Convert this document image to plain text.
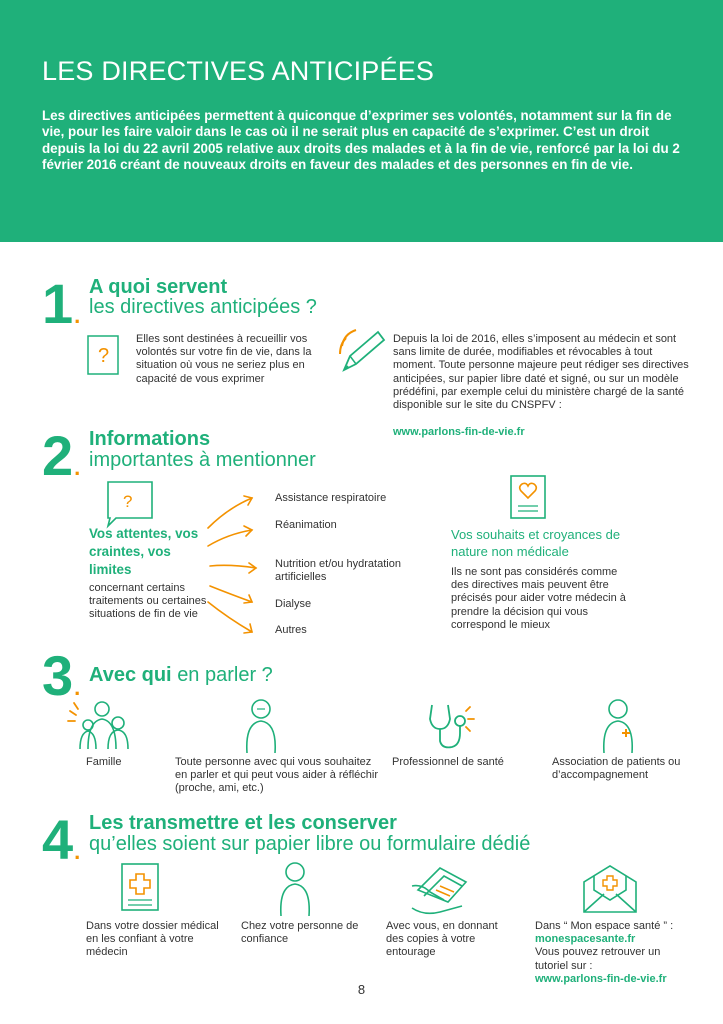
LES DIRECTIVES ANTICIPÉES

Les directives anticipées permettent à quiconque d’exprimer ses volontés, notamment sur la fin de vie, pour les faire valoir dans le cas où il ne serait plus en capacité de s’exprimer. C’est un droit depuis la loi du 22 avril 2005 relative aux droits des malades et à la fin de vie, renforcé par la loi du 2 février 2016 créant de nouveaux droits en faveur des malades et des personnes en fin de vie.

1.
A quoi servent
les directives anticipées ?
?
Elles sont destinées à recueillir vos volontés sur votre fin de vie, dans la situation où vous ne seriez plus en capacité de vous exprimer
Depuis la loi de 2016, elles s’imposent au médecin et sont sans limite de durée, modifiables et révocables à tout moment. Toute personne majeure peut rédiger ses directives anticipées, sur papier libre daté et signé, ou sur un modèle prédéfini, par exemple celui du ministère chargé de la santé disponible sur le site du CNSPFV :
www.parlons-fin-de-vie.fr
2.
Informations
importantes à mentionner
?
Vos attentes, vos craintes, vos limites
concernant certains traitements ou certaines situations de fin de vie
Assistance respiratoire
Réanimation
Nutrition et/ou hydratation artificielles
Dialyse
Autres
Vos souhaits et croyances de nature non médicale
Ils ne sont pas considérés comme des directives mais peuvent être précisés pour aider votre médecin à prendre la décision qui vous correspond le mieux
3. Avec qui en parler ?
Famille	Toute personne avec qui vous souhaitez en parler et qui peut vous aider à réfléchir (proche, ami, etc.)
Professionnel de santé	Association de patients ou d’accompagnement
4.
Les transmettre et les conserver
qu’elles soient sur papier libre ou formulaire dédié
Dans votre dossier médical en les confiant à votre médecin
Chez votre personne de confiance
Avec vous, en donnant des copies à votre entourage
Dans “ Mon espace santé ” :
monespacesante.fr
Vous pouvez retrouver un tutoriel sur :
www.parlons-fin-de-vie.fr
8
